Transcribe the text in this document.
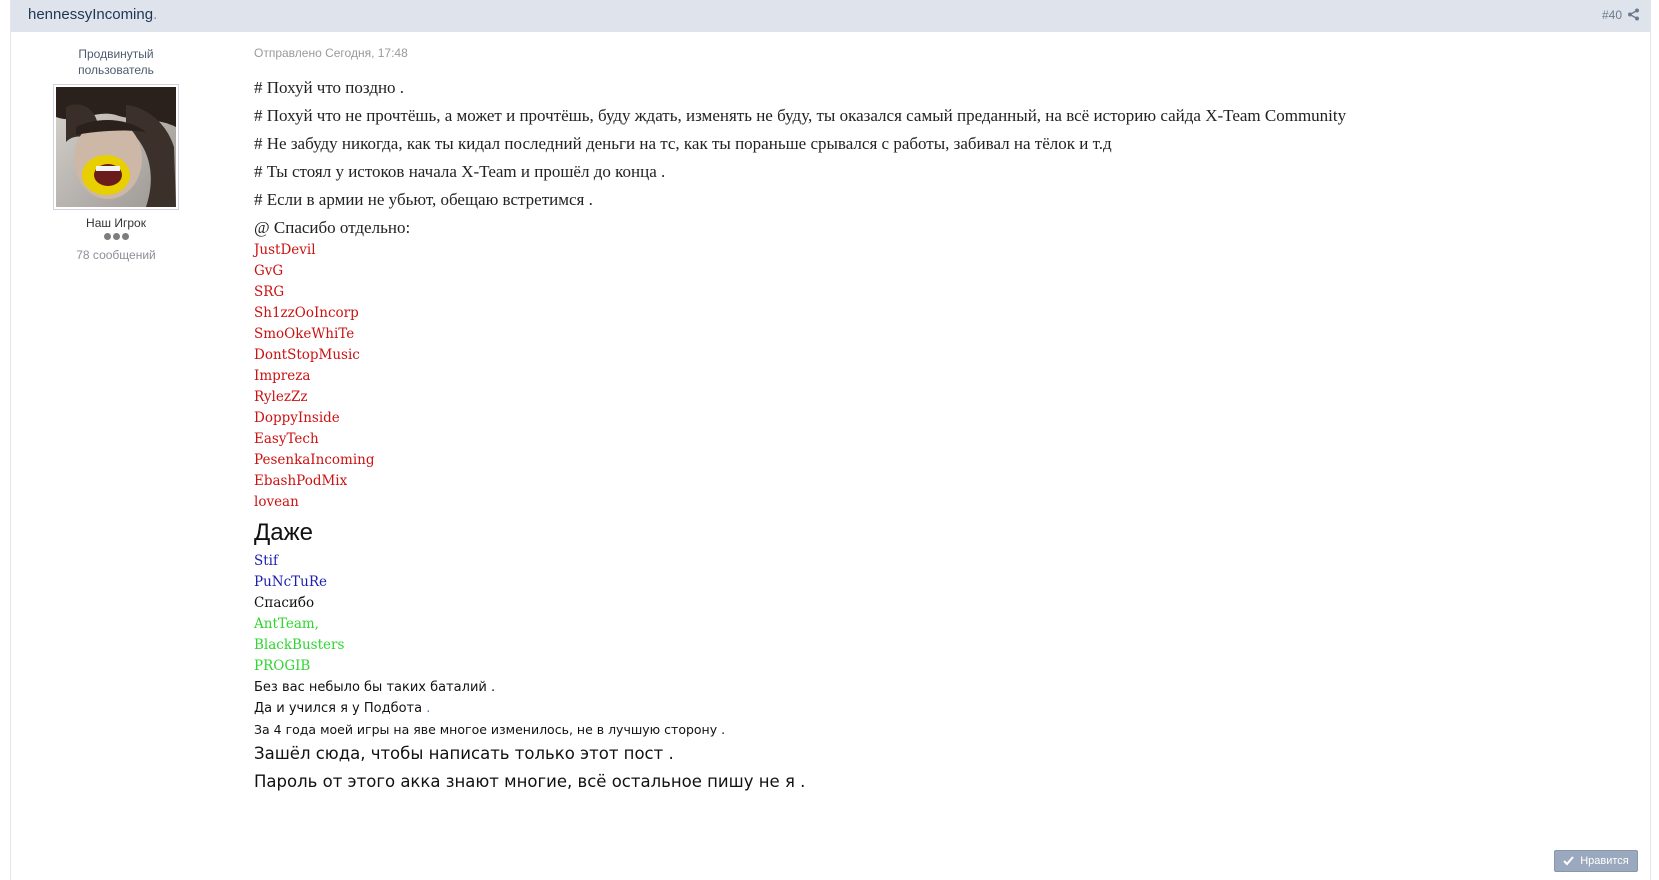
hennessyIncoming.	#40
Продвинутый
пользователь
Наш Игрок
78 сообщений
Отправлено Сегодня, 17:48

# Похуй что поздно .

# Похуй что не прочтёшь, а может и прочтёшь, буду ждать, изменять не буду, ты оказался самый преданный, на всё историю сайда X-Team Community

# Не забуду никогда, как ты кидал последний деньги на тс, как ты пораньше срывался с работы, забивал на тёлок и т.д

# Ты стоял у истоков начала X-Team и прошёл до конца .

# Если в армии не убьют, обещаю встретимся .

@ Спасибо отдельно:

JustDevil

GvG

SRG

Sh1zzOoIncorp

SmoOkeWhiTe

DontStopMusic

Impreza

RylezZz

DoppyInside

EasyTech

PesenkaIncoming

EbashPodMix

lovean

Даже

Stif

PuNcTuRe

Спасибо

AntTeam,

BlackBusters

PROGIB

Без вас небыло бы таких баталий .

Да и учился я у Подбота .

За 4 года моей игры на яве многое изменилось, не в лучшую сторону .

Зашёл сюда, чтобы написать только этот пост .

Пароль от этого акка знают многие, всё остальное пишу не я .

Нравится
